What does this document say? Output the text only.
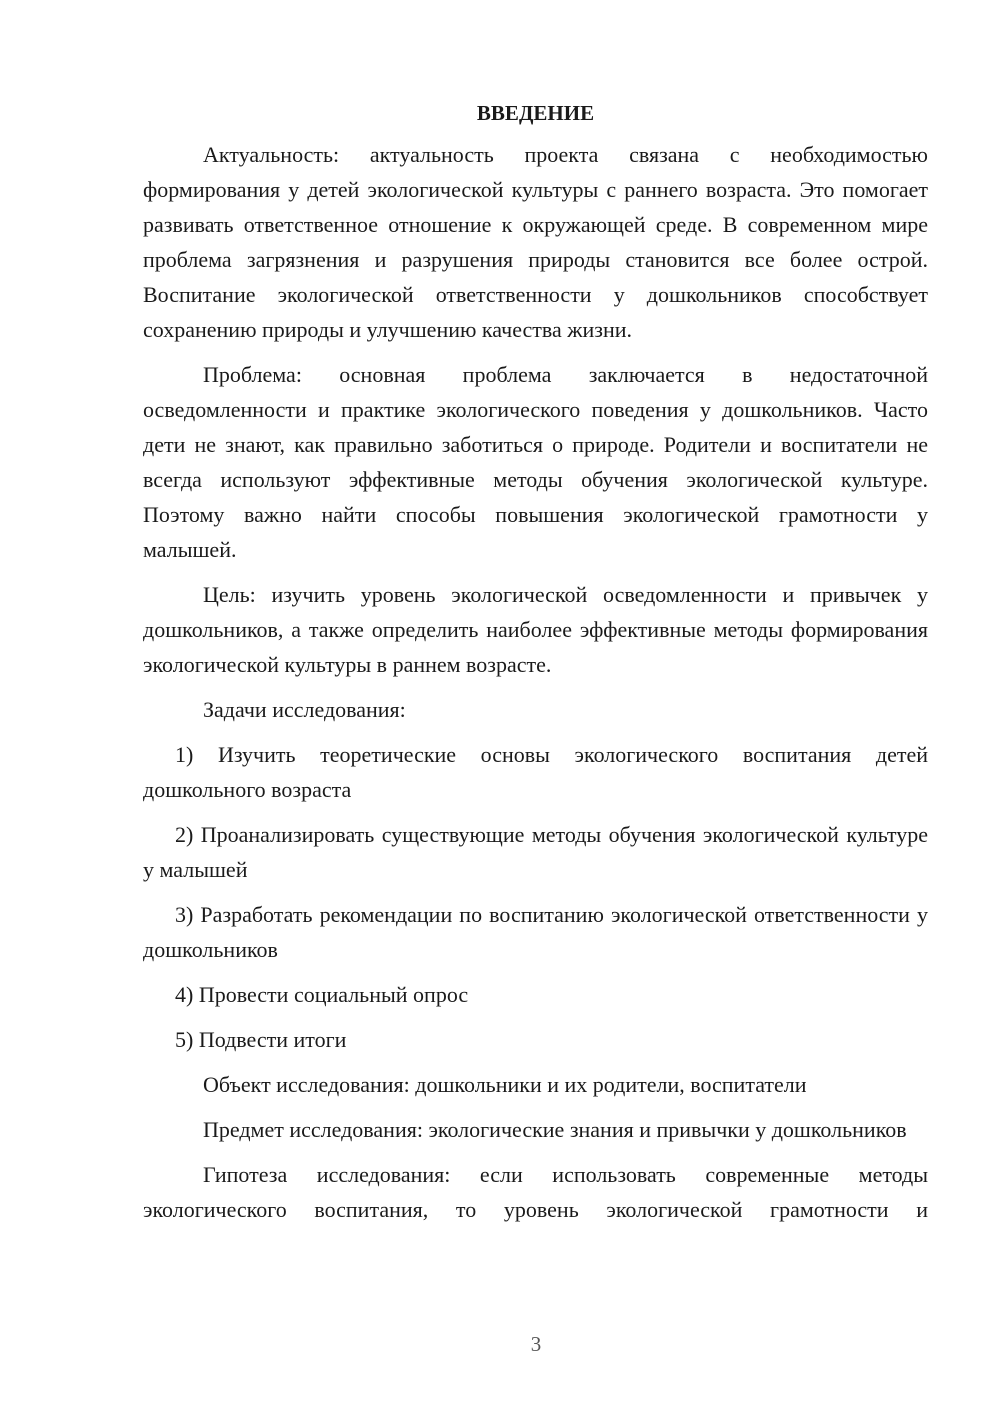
ВВЕДЕНИЕ

Актуальность: актуальность проекта связана с необходимостью формирования у детей экологической культуры с раннего возраста. Это помогает развивать ответственное отношение к окружающей среде. В современном мире проблема загрязнения и разрушения природы становится все более острой. Воспитание экологической ответственности у дошкольников способствует сохранению природы и улучшению качества жизни.

Проблема: основная проблема заключается в недостаточной осведомленности и практике экологического поведения у дошкольников. Часто дети не знают, как правильно заботиться о природе. Родители и воспитатели не всегда используют эффективные методы обучения экологической культуре. Поэтому важно найти способы повышения экологической грамотности у малышей.

Цель: изучить уровень экологической осведомленности и привычек у дошкольников, а также определить наиболее эффективные методы формирования экологической культуры в раннем возрасте.

Задачи исследования:

1) Изучить теоретические основы экологического воспитания детей дошкольного возраста

2) Проанализировать существующие методы обучения экологической культуре у малышей

3) Разработать рекомендации по воспитанию экологической ответственности у дошкольников

4) Провести социальный опрос

5) Подвести итоги

Объект исследования: дошкольники и их родители, воспитатели

Предмет исследования: экологические знания и привычки у дошкольников

Гипотеза исследования: если использовать современные методы экологического воспитания, то уровень экологической грамотности и

3
